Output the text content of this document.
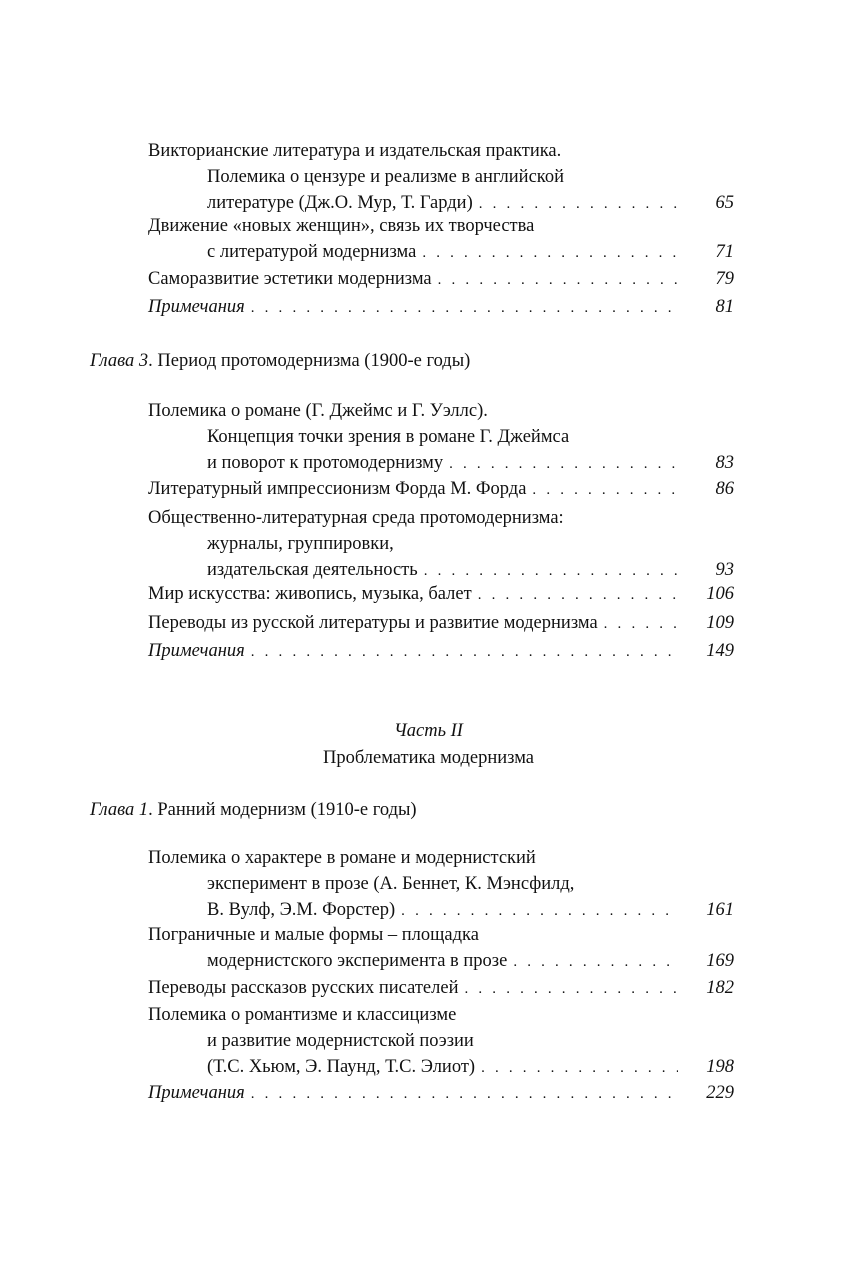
Викторианские литература и издательская практика.
Полемика о цензуре и реализме в английской
литературе (Дж.О. Мур, Т. Гарди) . . .	65
Движение «новых женщин», связь их творчества
с литературой модернизма . . .	71
Саморазвитие эстетики модернизма . . .	79
Примечания . . .	81
Глава 3. Период протомодернизма (1900-е годы)
Полемика о романе (Г. Джеймс и Г. Уэллс).
Концепция точки зрения в романе Г. Джеймса
и поворот к протомодернизму . . .	83
Литературный импрессионизм Форда М. Форда . . .	86
Общественно-литературная среда протомодернизма:
журналы, группировки,
издательская деятельность . . .	93
Мир искусства: живопись, музыка, балет . . .	106
Переводы из русской литературы и развитие модернизма . . .	109
Примечания . . .	149
Часть II
Проблематика модернизма
Глава 1. Ранний модернизм (1910-е годы)
Полемика о характере в романе и модернистский
эксперимент в прозе (А. Беннет, К. Мэнсфилд,
В. Вулф, Э.М. Форстер) . . .	161
Пограничные и малые формы – площадка
модернистского эксперимента в прозе . . .	169
Переводы рассказов русских писателей . . .	182
Полемика о романтизме и классицизме
и развитие модернистской поэзии
(Т.С. Хьюм, Э. Паунд, Т.С. Элиот) . . .	198
Примечания . . .	229
